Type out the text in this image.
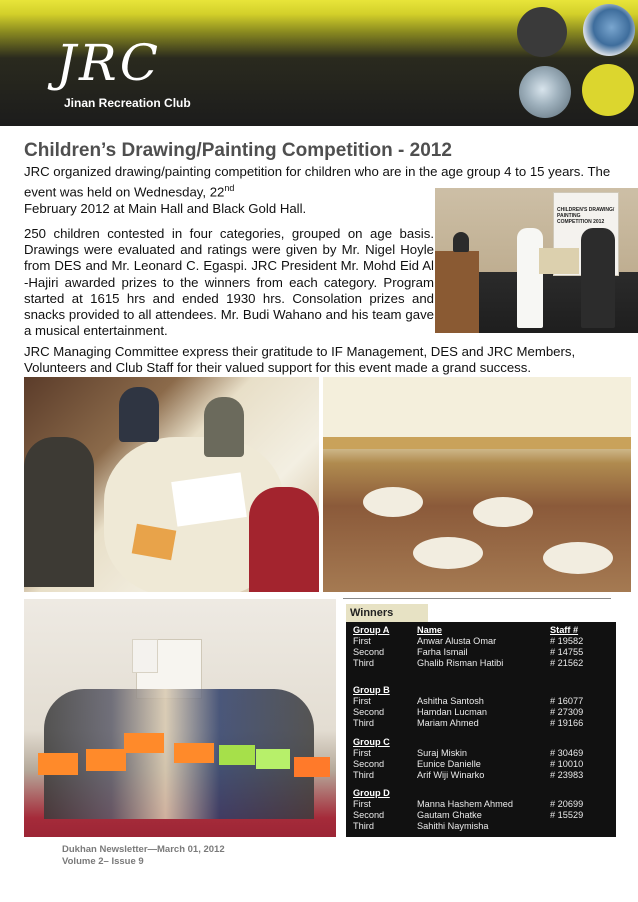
JRC
Jinan Recreation Club
Children’s Drawing/Painting Competition - 2012
JRC organized drawing/painting competition for children who are in the age group 4 to 15 years. The event was held on Wednesday, 22nd
February 2012 at Main Hall and Black Gold Hall.
250 children contested in four categories, grouped on age basis. Drawings were evaluated and ratings were given by Mr. Nigel Hoyle from DES and Mr. Leonard C. Egaspi. JRC President Mr. Mohd Eid Al -Hajiri awarded prizes to the winners from each category. Program started at 1615 hrs and ended 1930 hrs. Consolation prizes and snacks provided to all attendees. Mr. Budi Wahano and his team gave a musical entertainment.
CHILDREN'S DRAWING/ PAINTING COMPETITION 2012
JRC Managing Committee express their gratitude to IF Management, DES and JRC Members, Volunteers and Club Staff for their valued support for this event made a grand success.
Winners
Group A	Name	Staff #
First	Anwar Alusta Omar	# 19582
Second	Farha Ismail	# 14755
Third	Ghalib Risman Hatibi	# 21562
Group B
First	Ashitha Santosh	# 16077
Second	Hamdan Lucman	# 27309
Third	Mariam Ahmed	# 19166
Group C
First	Suraj Miskin	# 30469
Second	Eunice Danielle	# 10010
Third	Arif Wiji Winarko	# 23983
Group D
First	Manna Hashem Ahmed	# 20699
Second	Gautam Ghatke	# 15529
Third	Sahithi Naymisha
Dukhan Newsletter—March 01, 2012
Volume 2– Issue 9
